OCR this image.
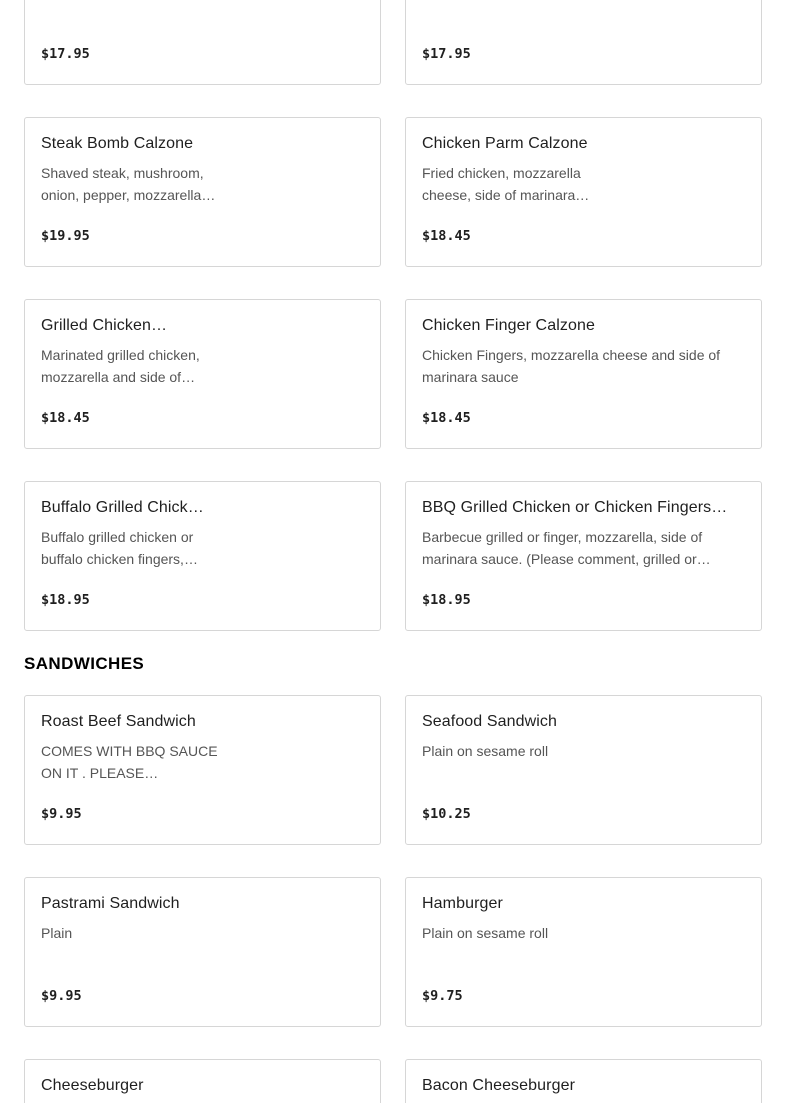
$17.95	$17.95
Steak Bomb Calzone
Shaved steak, mushroom, onion, pepper, mozzarella…
$19.95
Chicken Parm Calzone
Fried chicken, mozzarella cheese, side of marinara…
$18.45
Grilled Chicken…
Marinated grilled chicken, mozzarella and side of…
$18.45
Chicken Finger Calzone
Chicken Fingers, mozzarella cheese and side of marinara sauce
$18.45
Buffalo Grilled Chick…
Buffalo grilled chicken or buffalo chicken fingers,…
$18.95
BBQ Grilled Chicken or Chicken Fingers…
Barbecue grilled or finger, mozzarella, side of marinara sauce. (Please comment, grilled or…
$18.95
SANDWICHES
Roast Beef Sandwich
COMES WITH BBQ SAUCE ON IT . PLEASE…
$9.95
Seafood Sandwich
Plain on sesame roll
$10.25
Pastrami Sandwich
Plain
$9.95
Hamburger
Plain on sesame roll
$9.75
Cheeseburger	Bacon Cheeseburger
